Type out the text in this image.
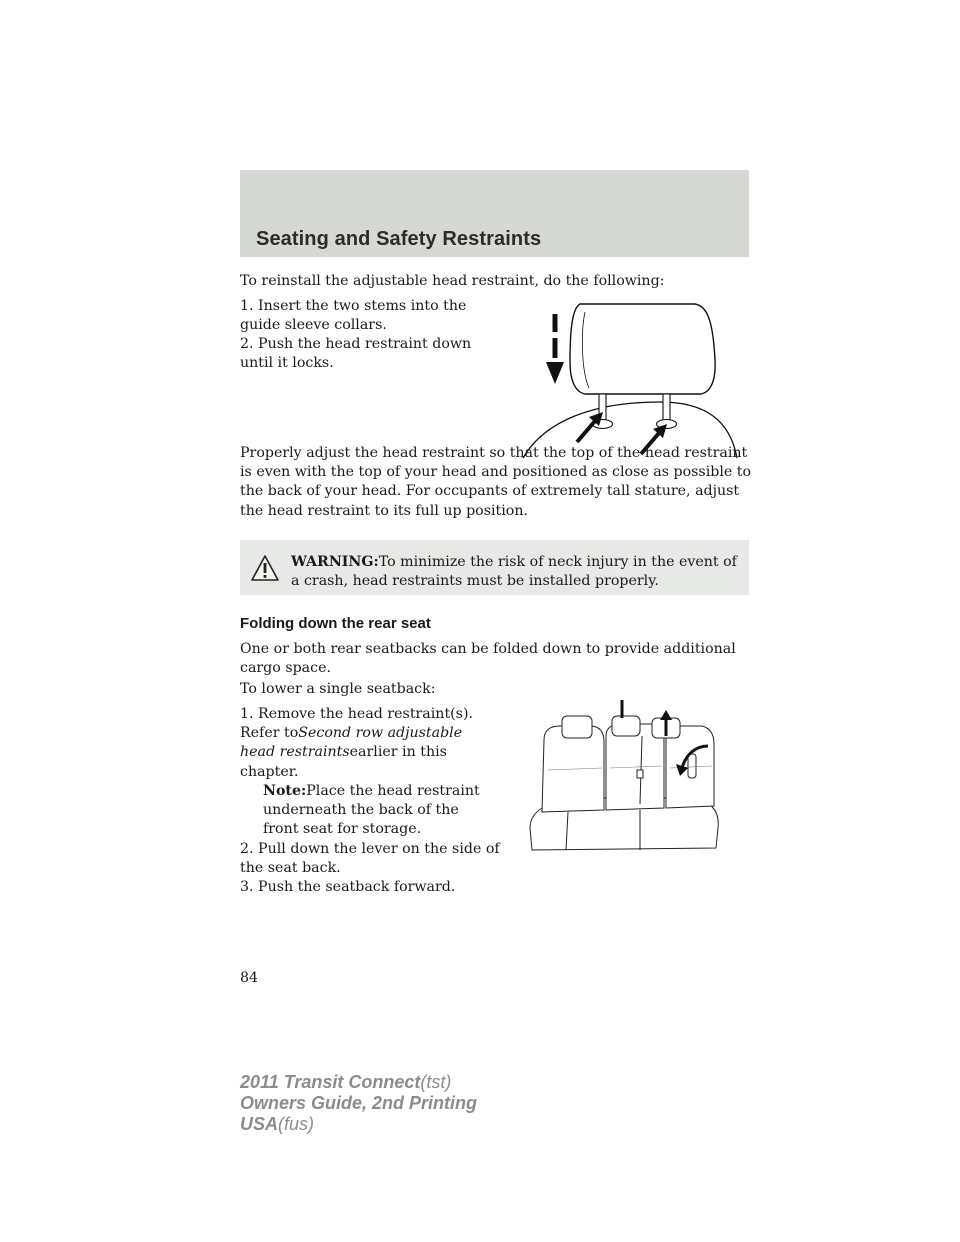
Seating and Safety Restraints

To reinstall the adjustable head restraint, do the following:

1. Insert the two stems into the guide sleeve collars.

2. Push the head restraint down until it locks.

Properly adjust the head restraint so that the top of the head restraint is even with the top of your head and positioned as close as possible to the back of your head. For occupants of extremely tall stature, adjust the head restraint to its full up position.

WARNING:To minimize the risk of neck injury in the event of a crash, head restraints must be installed properly.
Folding down the rear seat

One or both rear seatbacks can be folded down to provide additional cargo space.

To lower a single seatback:

1. Remove the head restraint(s). Refer toSecond row adjustable head restraintsearlier in this chapter.

Note:Place the head restraint underneath the back of the front seat for storage.

2. Pull down the lever on the side of the seat back.

3. Push the seatback forward.

84
2011 Transit Connect(tst)
Owners Guide, 2nd Printing
USA(fus)
